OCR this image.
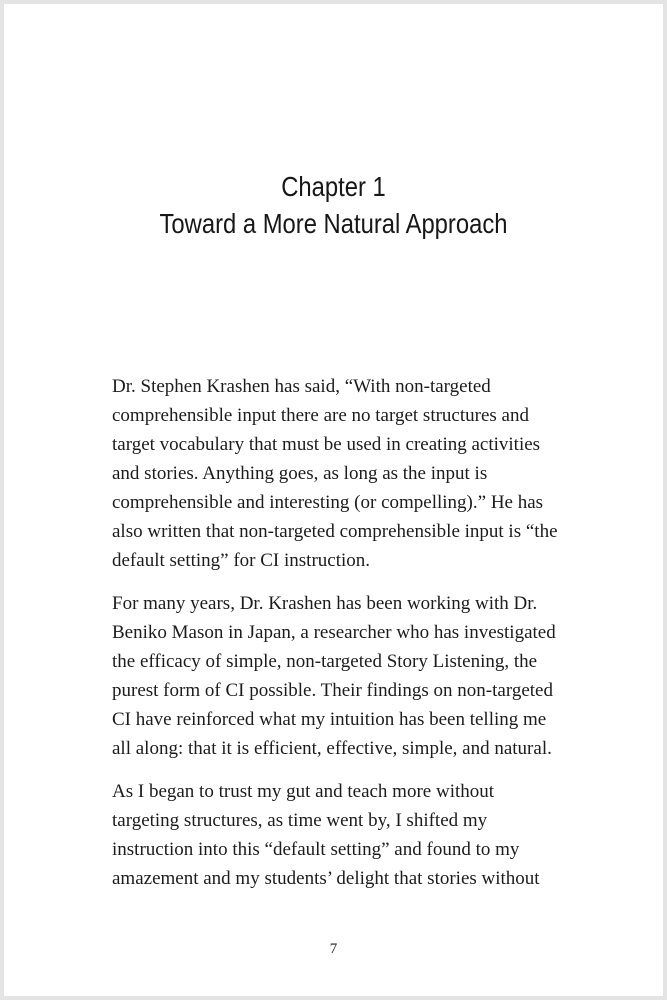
Chapter 1
Toward a More Natural Approach

Dr. Stephen Krashen has said, “With non-targeted comprehensible input there are no target structures and target vocabulary that must be used in creating activities and stories. Anything goes, as long as the input is comprehensible and interesting (or compelling).” He has also written that non-targeted comprehensible input is “the default setting” for CI instruction.

For many years, Dr. Krashen has been working with Dr. Beniko Mason in Japan, a researcher who has investigated the efficacy of simple, non-targeted Story Listening, the purest form of CI possible. Their findings on non-targeted CI have reinforced what my intuition has been telling me all along: that it is efficient, effective, simple, and natural.

As I began to trust my gut and teach more without targeting structures, as time went by, I shifted my instruction into this “default setting” and found to my amazement and my students’ delight that stories without

7
